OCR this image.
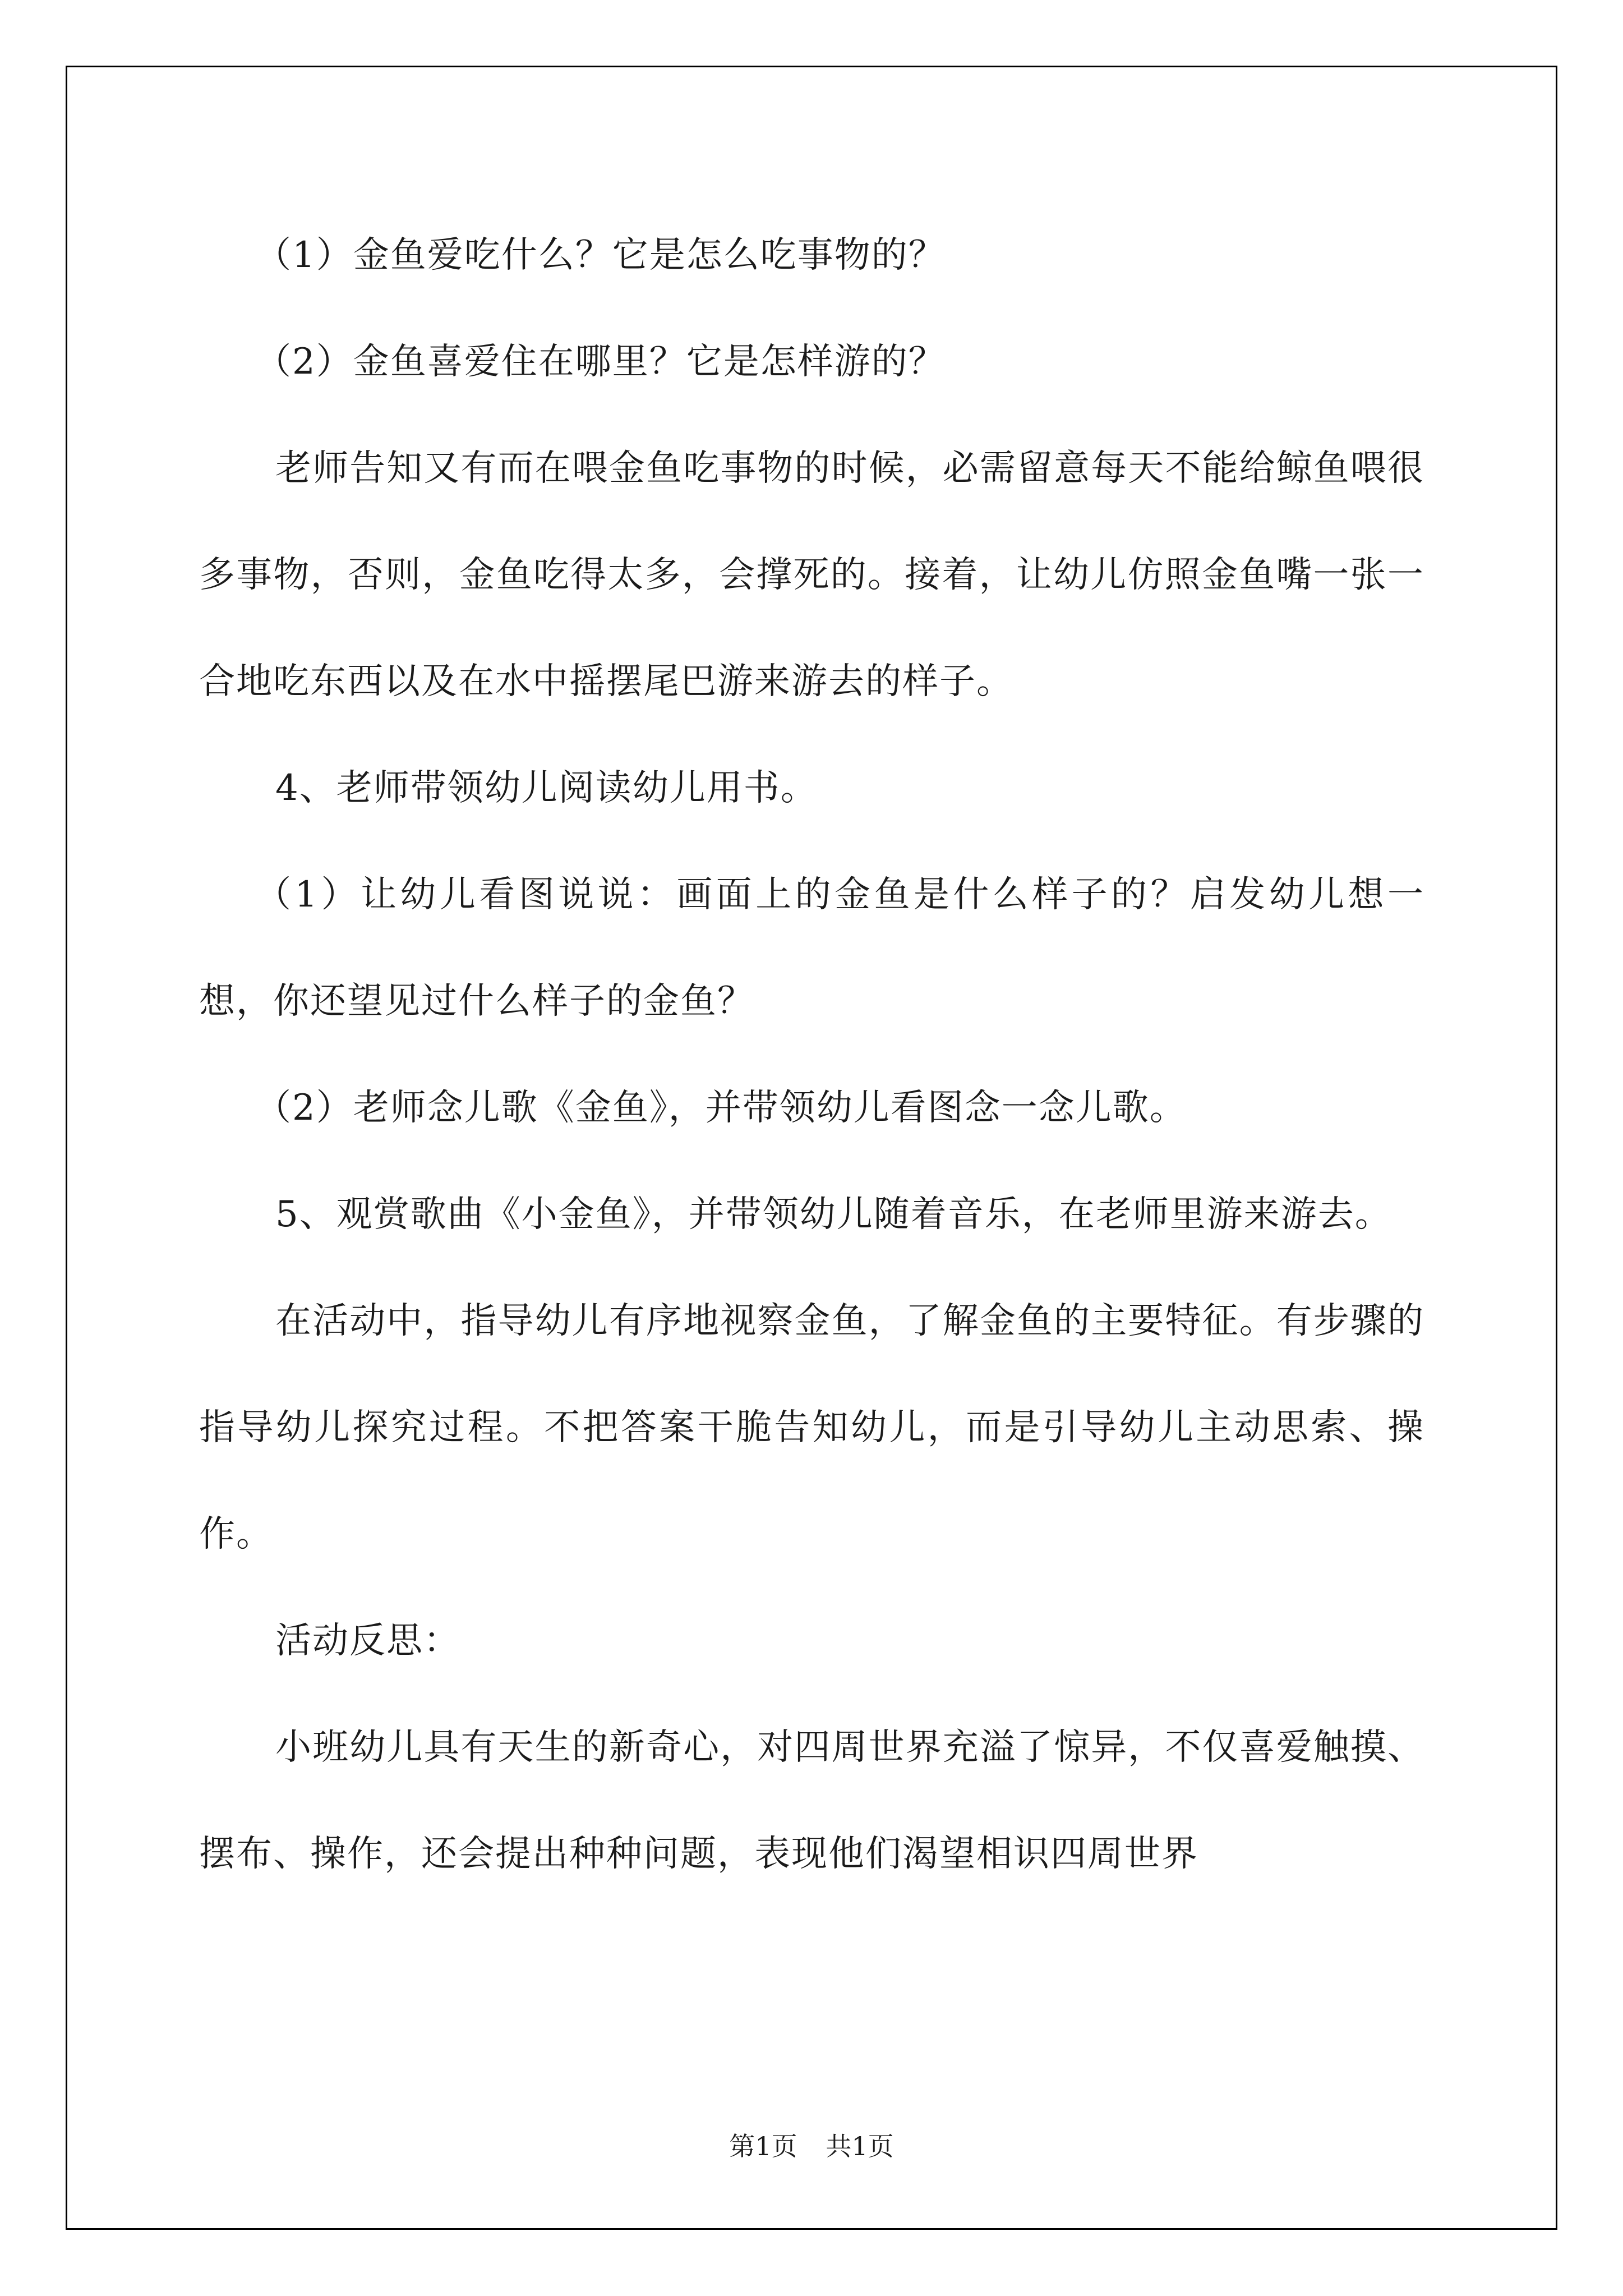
（1）金鱼爱吃什么？它是怎么吃事物的？

（2）金鱼喜爱住在哪里？它是怎样游的？

老师告知又有而在喂金鱼吃事物的时候，必需留意每天不能给鲸鱼喂很多事物，否则，金鱼吃得太多，会撑死的。接着，让幼儿仿照金鱼嘴一张一合地吃东西以及在水中摇摆尾巴游来游去的样子。

4、老师带领幼儿阅读幼儿用书。

（1）让幼儿看图说说：画面上的金鱼是什么样子的？启发幼儿想一想，你还望见过什么样子的金鱼？

（2）老师念儿歌《金鱼》，并带领幼儿看图念一念儿歌。

5、观赏歌曲《小金鱼》，并带领幼儿随着音乐，在老师里游来游去。

在活动中，指导幼儿有序地视察金鱼，了解金鱼的主要特征。有步骤的指导幼儿探究过程。不把答案干脆告知幼儿，而是引导幼儿主动思索、操作。

活动反思：

小班幼儿具有天生的新奇心，对四周世界充溢了惊异，不仅喜爱触摸、摆布、操作，还会提出种种问题，表现他们渴望相识四周世界

第1页 共1页
